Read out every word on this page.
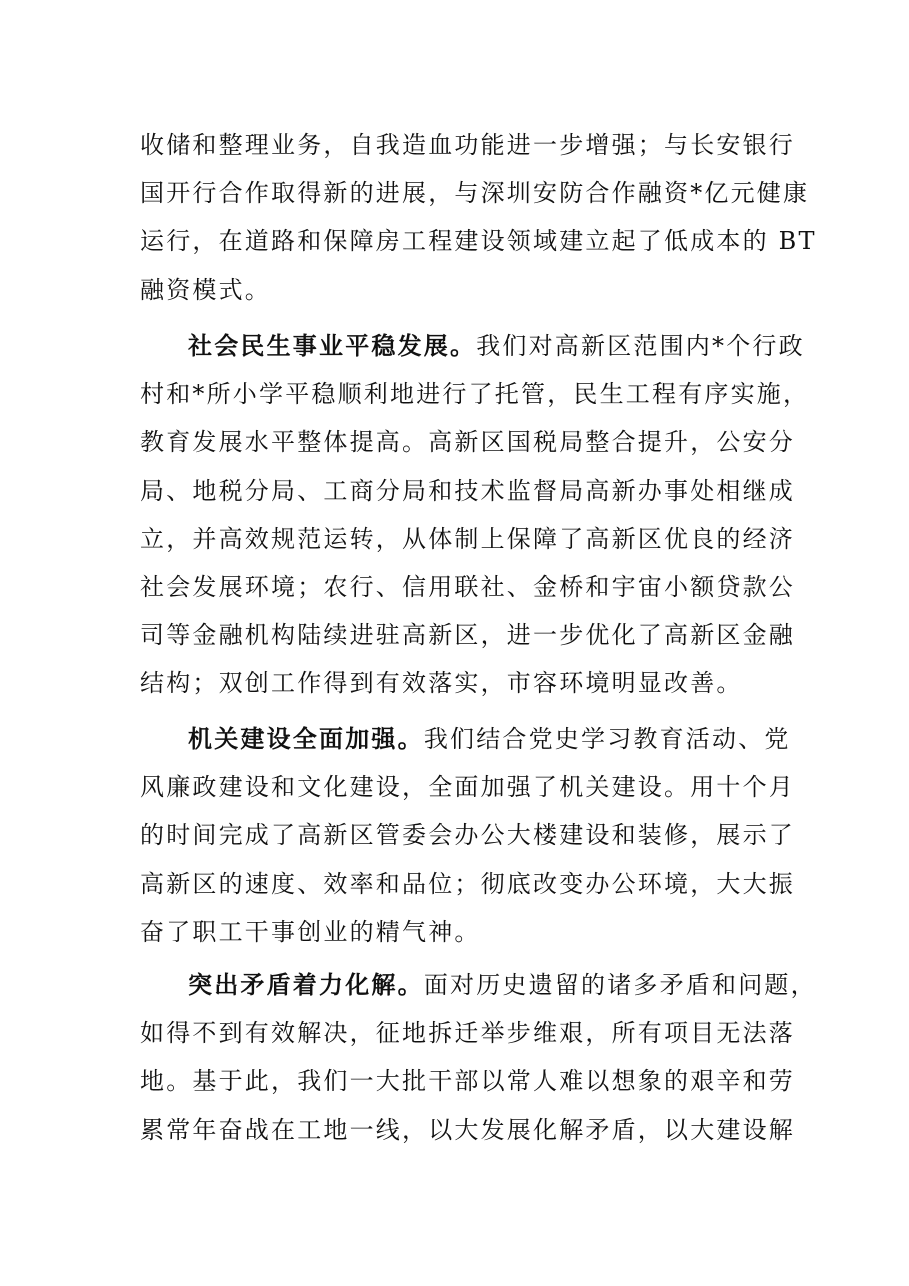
收储和整理业务，自我造血功能进一步增强；与长安银行
国开行合作取得新的进展，与深圳安防合作融资*亿元健康
运行，在道路和保障房工程建设领域建立起了低成本的 BT
融资模式。
社会民生事业平稳发展。我们对高新区范围内*个行政
村和*所小学平稳顺利地进行了托管，民生工程有序实施，
教育发展水平整体提高。高新区国税局整合提升，公安分
局、地税分局、工商分局和技术监督局高新办事处相继成
立，并高效规范运转，从体制上保障了高新区优良的经济
社会发展环境；农行、信用联社、金桥和宇宙小额贷款公
司等金融机构陆续进驻高新区，进一步优化了高新区金融
结构；双创工作得到有效落实，市容环境明显改善。
机关建设全面加强。我们结合党史学习教育活动、党
风廉政建设和文化建设，全面加强了机关建设。用十个月
的时间完成了高新区管委会办公大楼建设和装修，展示了
高新区的速度、效率和品位；彻底改变办公环境，大大振
奋了职工干事创业的精气神。
突出矛盾着力化解。面对历史遗留的诸多矛盾和问题，
如得不到有效解决，征地拆迁举步维艰，所有项目无法落
地。基于此，我们一大批干部以常人难以想象的艰辛和劳
累常年奋战在工地一线，以大发展化解矛盾，以大建设解
